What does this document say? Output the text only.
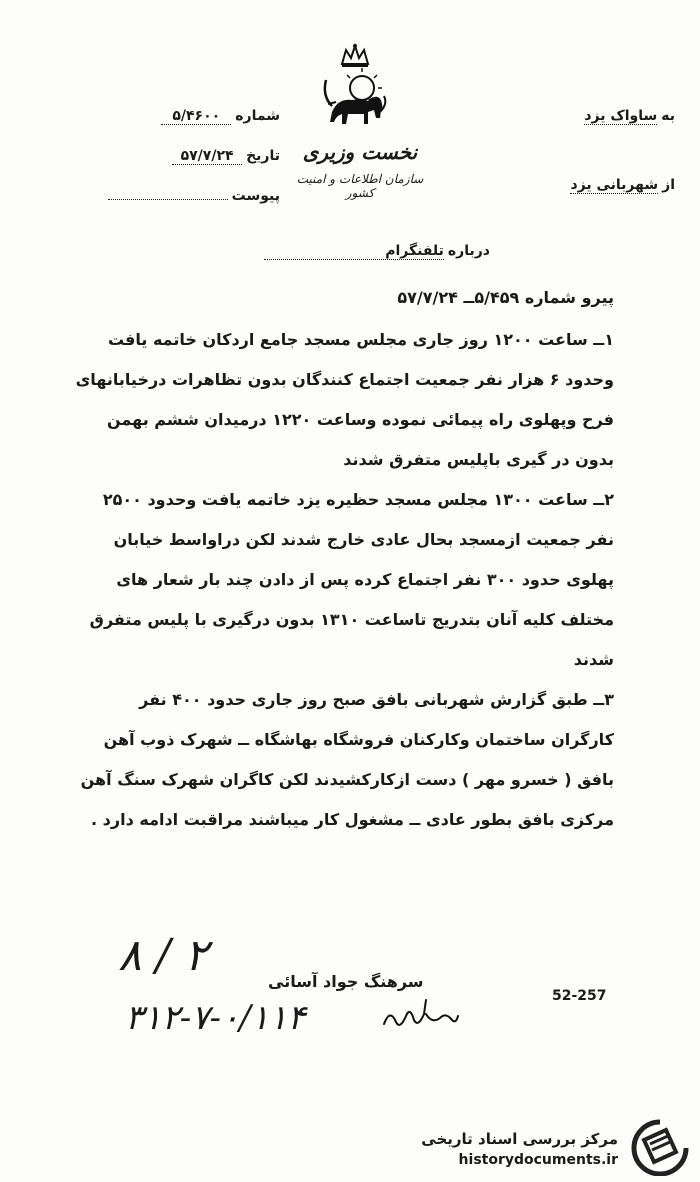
نخست وزیری
سازمان اطلاعات و امنیت کشور
به
ساواک یزد
از
شهربانی یزد
شماره
۵/۴۶۰۰
تاریخ
۵۷/۷/۲۴
پیوست
درباره
تلفنگرام

پیرو شماره ۵/۴۵۹ــ ۵۷/۷/۲۴

۱ــ ساعت ۱۲۰۰ روز جاری مجلس مسجد جامع اردکان خاتمه یافت وحدود ۶ هزار نفر جمعیت اجتماع کنندگان بدون تظاهرات درخیابانهای فرح وپهلوی راه پیمائی نموده وساعت ۱۲۲۰ درمیدان ششم بهمن بدون در گیری باپلیس متفرق شدند

۲ــ ساعت ۱۳۰۰ مجلس مسجد حظیره یزد خاتمه یافت وحدود ۲۵۰۰ نفر جمعیت ازمسجد بحال عادی خارج شدند لکن دراواسط خیابان پهلوی حدود ۳۰۰ نفر اجتماع کرده پس از دادن چند بار شعار های مختلف کلیه آنان بتدریج تاساعت ۱۳۱۰ بدون درگیری با پلیس متفرق شدند

۳ــ طبق گزارش شهربانی بافق صبح روز جاری حدود ۴۰۰ نفر کارگران ساختمان وکارکنان فروشگاه بهاشگاه ــ شهرک ذوب آهن بافق ( خسرو مهر ) دست ازکارکشیدند لکن کاگران شهرک سنگ آهن مرکزی بافق بطور عادی ــ مشغول کار میباشند مراقبت ادامه دارد .

سرهنگ جواد آسائی
52-257
۸ / ۲
۳۱۲-۷-۰/۱۱۴
مرکز بررسی اسناد تاریخی
historydocuments.ir
